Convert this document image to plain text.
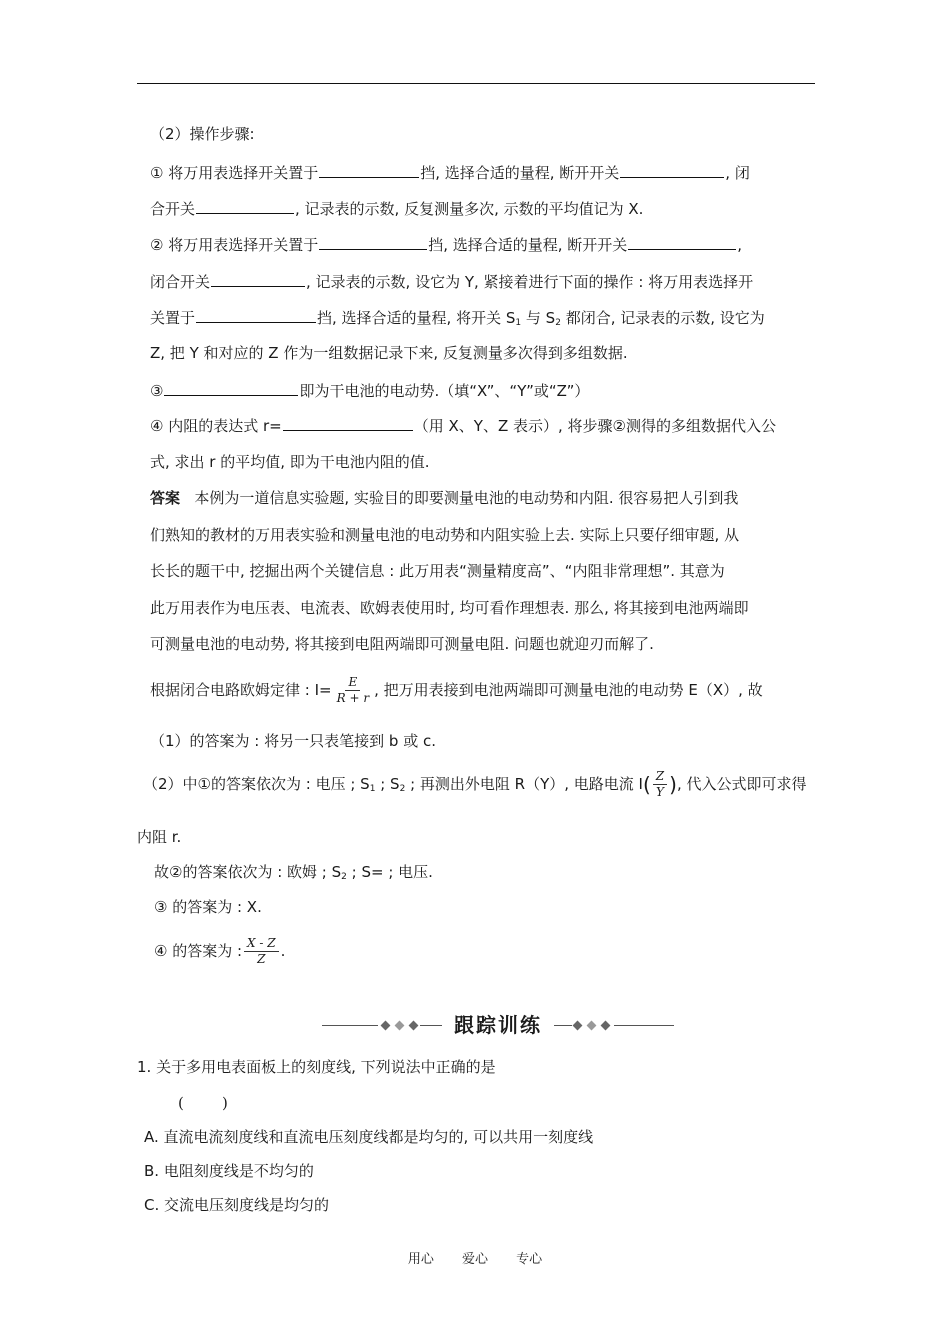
（2）操作步骤:
① 将万用表选择开关置于	挡, 选择合适的量程, 断开开关	, 闭
合开关	, 记录表的示数, 反复测量多次, 示数的平均值记为 X.
② 将万用表选择开关置于	挡, 选择合适的量程, 断开开关	,
闭合开关	, 记录表的示数, 设它为 Y, 紧接着进行下面的操作 : 将万用表选择开
关置于	挡, 选择合适的量程, 将开关 $S_1$ 与 $S_2$ 都闭合, 记录表的示数, 设它为
Z, 把 Y 和对应的 Z 作为一组数据记录下来, 反复测量多次得到多组数据.
③	即为干电池的电动势.（填“X”、“Y”或“Z”）
④ 内阻的表达式 r=	（用 X、Y、Z 表示）, 将步骤②测得的多组数据代入公
式, 求出 r 的平均值, 即为干电池内阻的值.
答案 本例为一道信息实验题, 实验目的即要测量电池的电动势和内阻. 很容易把人引到我
们熟知的教材的万用表实验和测量电池的电动势和内阻实验上去. 实际上只要仔细审题, 从
长长的题干中, 挖掘出两个关键信息 : 此万用表“测量精度高”、“内阻非常理想”. 其意为
此万用表作为电压表、电流表、欧姆表使用时, 均可看作理想表. 那么, 将其接到电池两端即
可测量电池的电动势, 将其接到电阻两端即可测量电阻. 问题也就迎刃而解了.
根据闭合电路欧姆定律 : $I= \frac{E}{R + r}$ , 把万用表接到电池两端即可测量电池的电动势 E（X）, 故
（1）的答案为 : 将另一只表笔接到 b 或 c.
（2）中①的答案依次为 : 电压 ; $S_1$ ; $S_2$ ; 再测出外电阻 R（Y）, 电路电流 $I( \frac{Z}{Y}$ ), 代入公式即可求得
内阻 r.
故②的答案依次为 : 欧姆 ; $S_2$ ; S= ; 电压.
③ 的答案为 : X.
④ 的答案为 : $\frac{X - Z}{Z}$ .
跟踪训练
1. 关于多用电表面板上的刻度线, 下列说法中正确的是
(        )
A. 直流电流刻度线和直流电压刻度线都是均匀的, 可以共用一刻度线
B. 电阻刻度线是不均匀的
C. 交流电压刻度线是均匀的
用心 爱心 专心
